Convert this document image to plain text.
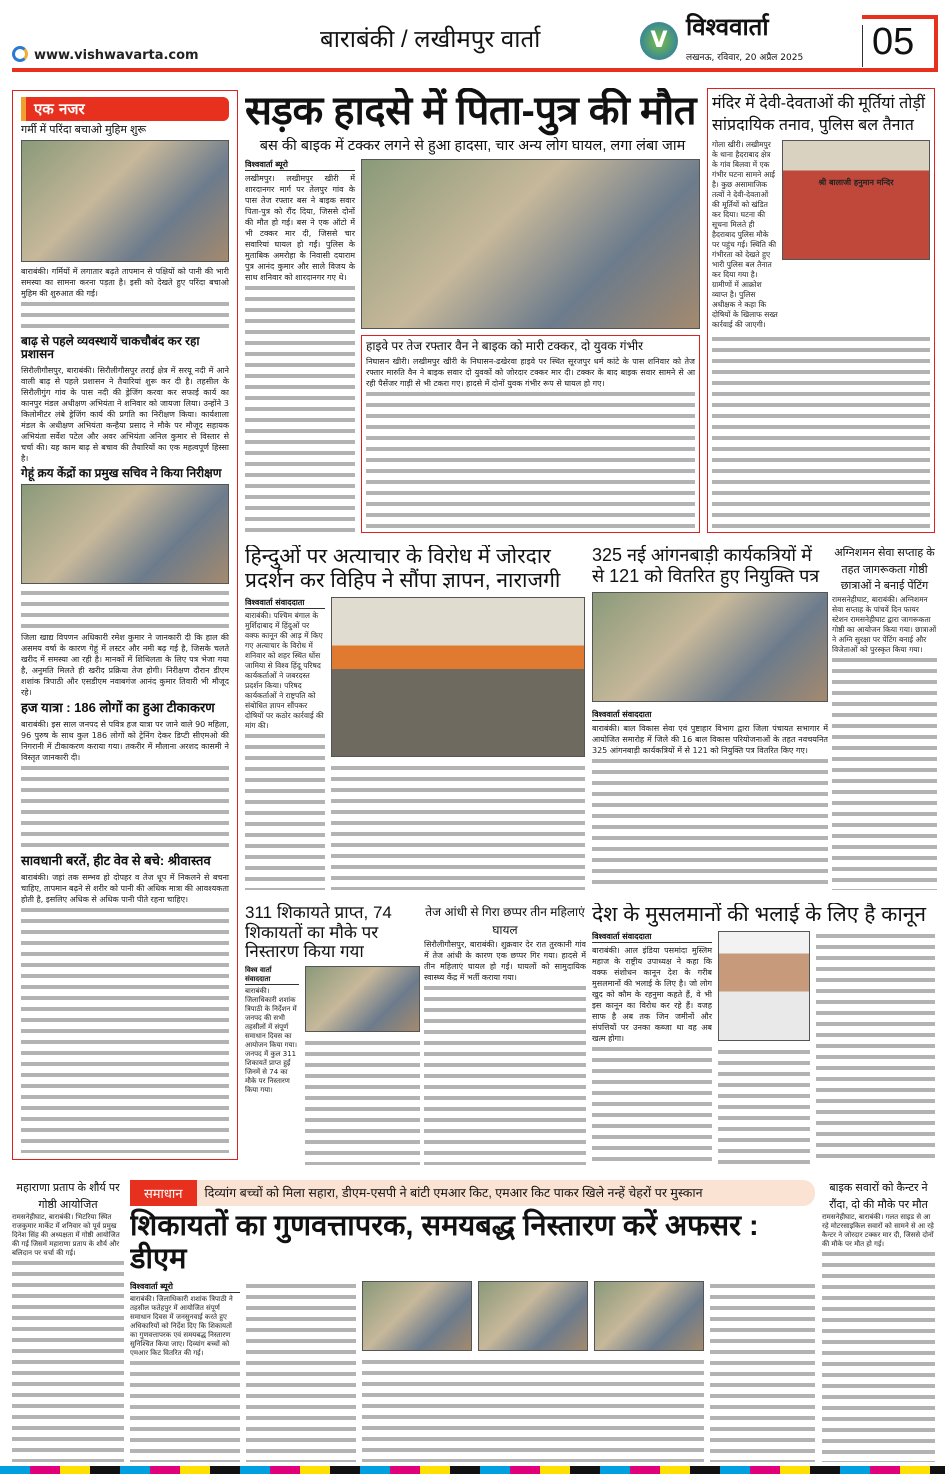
www.vishwavarta.com
बाराबंकी / लखीमपुर वार्ता	V विश्ववार्ता
लखनऊ, रविवार, 20 अप्रैल 2025 05
एक नजर
गर्मी में परिंदा बचाओ मुहिम शुरू
बाराबंकी। गर्मियों में लगातार बढ़ते तापमान से पक्षियों को पानी की भारी समस्या का सामना करना पड़ता है। इसी को देखते हुए परिंदा बचाओ मुहिम की शुरुआत की गई।
बाढ़ से पहले व्यवस्थायें चाकचौबंद कर रहा प्रशासन
सिरौलीगौसपुर, बाराबंकी। सिरौलीगौसपुर तराई क्षेत्र में सरयू नदी में आने वाली बाढ़ से पहले प्रशासन ने तैयारियां शुरू कर दी है। तहसील के सिरौलीगुंग गांव के पास नदी की ड्रेजिंग करवा कर सफाई कार्य का कानपुर मंडल अधीक्षण अभियंता ने शनिवार को जायजा लिया। उन्होंने 3 किलोमीटर लंबे ड्रेजिंग कार्य की प्रगति का निरीक्षण किया। कार्यशाला मंडल के अधीक्षण अभियंता कन्हैया प्रसाद ने मौके पर मौजूद सहायक अभियंता सर्वेश पटेल और अवर अभियंता अनिल कुमार से विस्तार से चर्चा की। यह काम बाढ़ से बचाव की तैयारियों का एक महत्वपूर्ण हिस्सा है।
गेहूं क्रय केंद्रों का प्रमुख सचिव ने किया निरीक्षण
जिला खाद्य विपणन अधिकारी रमेश कुमार ने जानकारी दी कि हाल की असमय वर्षा के कारण गेहूं में लस्टर और नमी बढ़ गई है, जिसके चलते खरीद में समस्या आ रही है। मानकों में शिथिलता के लिए पत्र भेजा गया है, अनुमति मिलते ही खरीद प्रक्रिया तेज होगी। निरीक्षण दौरान डीएम शशांक त्रिपाठी और एसडीएम नवाबगंज आनंद कुमार तिवारी भी मौजूद रहे।
हज यात्रा : 186 लोगों का हुआ टीकाकरण
बाराबंकी। इस साल जनपद से पवित्र हज यात्रा पर जाने वाले 90 महिला, 96 पुरुष के साथ कुल 186 लोगों को ट्रेनिंग देकर डिप्टी सीएमओ की निगरानी में टीकाकरण कराया गया। तकरीर में मौलाना अरशद कासमी ने विस्तृत जानकारी दी।
सावधानी बरतें, हीट वेव से बचे: श्रीवास्तव
बाराबंकी। जहां तक सम्भव हो दोपहर व तेज धूप में निकलने से बचना चाहिए, तापमान बढ़ने से शरीर को पानी की अधिक मात्रा की आवश्यकता होती है, इसलिए अधिक से अधिक पानी पीते रहना चाहिए।
सड़क हादसे में पिता-पुत्र की मौत
बस की बाइक में टक्कर लगने से हुआ हादसा, चार अन्य लोग घायल, लगा लंबा जाम
विश्ववार्ता ब्यूरो
लखीमपुर। लखीमपुर खीरी में शारदानगर मार्ग पर तेलपुर गांव के पास तेज रफ्तार बस ने बाइक सवार पिता-पुत्र को रौंद दिया, जिससे दोनों की मौत हो गई। बस ने एक ऑटो में भी टक्कर मार दी, जिससे चार सवारियां घायल हो गईं। पुलिस के मुताबिक अमरोहा के निवासी दयाराम पुत्र आनंद कुमार और साले विजय के साथ शनिवार को शारदानगर गए थे।
हाइवे पर तेज रफ्तार वैन ने बाइक को मारी टक्कर, दो युवक गंभीर
निघासन खीरी। लखीमपुर खीरी के निघासन-ढखेरवा हाइवे पर स्थित सूरजपुर धर्म कांटे के पास शनिवार को तेज रफ्तार मारुति वैन ने बाइक सवार दो युवकों को जोरदार टक्कर मार दी। टक्कर के बाद बाइक सवार सामने से आ रही पैसेंजर गाड़ी से भी टकरा गए। हादसे में दोनों युवक गंभीर रूप से घायल हो गए।
मंदिर में देवी-देवताओं की मूर्तियां तोड़ीं सांप्रदायिक तनाव, पुलिस बल तैनात
गोला खीरी। लखीमपुर के थाना हैदराबाद क्षेत्र के गांव बिलवा में एक गंभीर घटना सामने आई है। कुछ असामाजिक तत्वों ने देवी-देवताओं की मूर्तियों को खंडित कर दिया। घटना की सूचना मिलते ही हैदराबाद पुलिस मौके पर पहुंच गई। स्थिति की गंभीरता को देखते हुए भारी पुलिस बल तैनात कर दिया गया है। ग्रामीणों में आक्रोश व्याप्त है। पुलिस अधीक्षक ने कहा कि दोषियों के खिलाफ सख्त कार्रवाई की जाएगी।
श्री बालाजी हनुमान मन्दिर
हिन्दुओं पर अत्याचार के विरोध में जोरदार प्रदर्शन कर विहिप ने सौंपा ज्ञापन, नाराजगी
विश्ववार्ता संवाददाता
बाराबंकी। पश्चिम बंगाल के मुर्शिदाबाद में हिंदुओं पर वक्फ कानून की आड़ में किए गए अत्याचार के विरोध में शनिवार को शहर स्थित धोंस जामिया से विश्व हिंदू परिषद कार्यकर्ताओं ने जबरदस्त प्रदर्शन किया। परिषद कार्यकर्ताओं ने राष्ट्रपति को संबोधित ज्ञापन सौंपकर दोषियों पर कठोर कार्रवाई की मांग की।
325 नई आंगनबाड़ी कार्यकत्रियों में से 121 को वितरित हुए नियुक्ति पत्र
विश्ववार्ता संवाददाता
बाराबंकी। बाल विकास सेवा एवं पुष्टाहार विभाग द्वारा जिला पंचायत सभागार में आयोजित समारोह में जिले की 16 बाल विकास परियोजनाओं के तहत नवचयनित 325 आंगनबाड़ी कार्यकत्रियों में से 121 को नियुक्ति पत्र वितरित किए गए।
अग्निशमन सेवा सप्ताह के तहत जागरूकता गोष्ठी छात्राओं ने बनाई पेंटिंग
रामसनेहीघाट, बाराबंकी। अग्निशमन सेवा सप्ताह के पांचवें दिन फायर स्टेशन रामसनेहीघाट द्वारा जागरूकता गोष्ठी का आयोजन किया गया। छात्राओं ने अग्नि सुरक्षा पर पेंटिंग बनाई और विजेताओं को पुरस्कृत किया गया।
311 शिकायते प्राप्त, 74 शिकायतों का मौके पर निस्तारण किया गया
विश्व वार्ता संवाददाता
बाराबंकी। जिलाधिकारी शशांक त्रिपाठी के निर्देशन में जनपद की सभी तहसीलों में संपूर्ण समाधान दिवस का आयोजन किया गया। जनपद में कुल 311 शिकायतें प्राप्त हुईं जिनमें से 74 का मौके पर निस्तारण किया गया।
तेज आंधी से गिरा छप्पर तीन महिलाएं घायल
सिरौलीगौसपुर, बाराबंकी। शुक्रवार देर रात तुरकानी गांव में तेज आंधी के कारण एक छप्पर गिर गया। हादसे में तीन महिलाएं घायल हो गईं। घायलों को सामुदायिक स्वास्थ्य केंद्र में भर्ती कराया गया।
देश के मुसलमानों की भलाई के लिए है कानून
विश्ववार्ता संवाददाता
बाराबंकी। आल इंडिया पसमांदा मुस्लिम महाज के राष्ट्रीय उपाध्यक्ष ने कहा कि वक्फ संशोधन कानून देश के गरीब मुसलमानों की भलाई के लिए है। जो लोग खुद को कौम के रहनुमा कहते हैं, वे भी इस कानून का विरोध कर रहे हैं। वजह साफ है अब तक जिन जमीनों और संपत्तियों पर उनका कब्जा था वह अब खत्म होगा।
महाराणा प्रताप के शौर्य पर गोष्ठी आयोजित
रामसनेहीघाट, बाराबंकी। भिटरिया स्थित राजकुमार मार्केट में शनिवार को पूर्व प्रमुख दिनेश सिंह की अध्यक्षता में गोष्ठी आयोजित की गई जिसमें महाराणा प्रताप के शौर्य और बलिदान पर चर्चा की गई।
समाधान	दिव्यांग बच्चों को मिला सहारा, डीएम-एसपी ने बांटी एमआर किट, एमआर किट पाकर खिले नन्हें चेहरों पर मुस्कान
शिकायतों का गुणवत्तापरक, समयबद्ध निस्तारण करें अफसर : डीएम
विश्ववार्ता ब्यूरो
बाराबंकी। जिलाधिकारी शशांक त्रिपाठी ने तहसील फतेहपुर में आयोजित संपूर्ण समाधान दिवस में जनसुनवाई करते हुए अधिकारियों को निर्देश दिए कि शिकायतों का गुणवत्तापरक एवं समयबद्ध निस्तारण सुनिश्चित किया जाए। दिव्यांग बच्चों को एमआर किट वितरित की गई।
बाइक सवारों को कैन्टर ने रौंदा, दो की मौके पर मौत
रामसनेहीघाट, बाराबंकी। गलत साइड से आ रहे मोटरसाइकिल सवारों को सामने से आ रहे कैन्टर ने जोरदार टक्कर मार दी, जिससे दोनों की मौके पर मौत हो गई।
